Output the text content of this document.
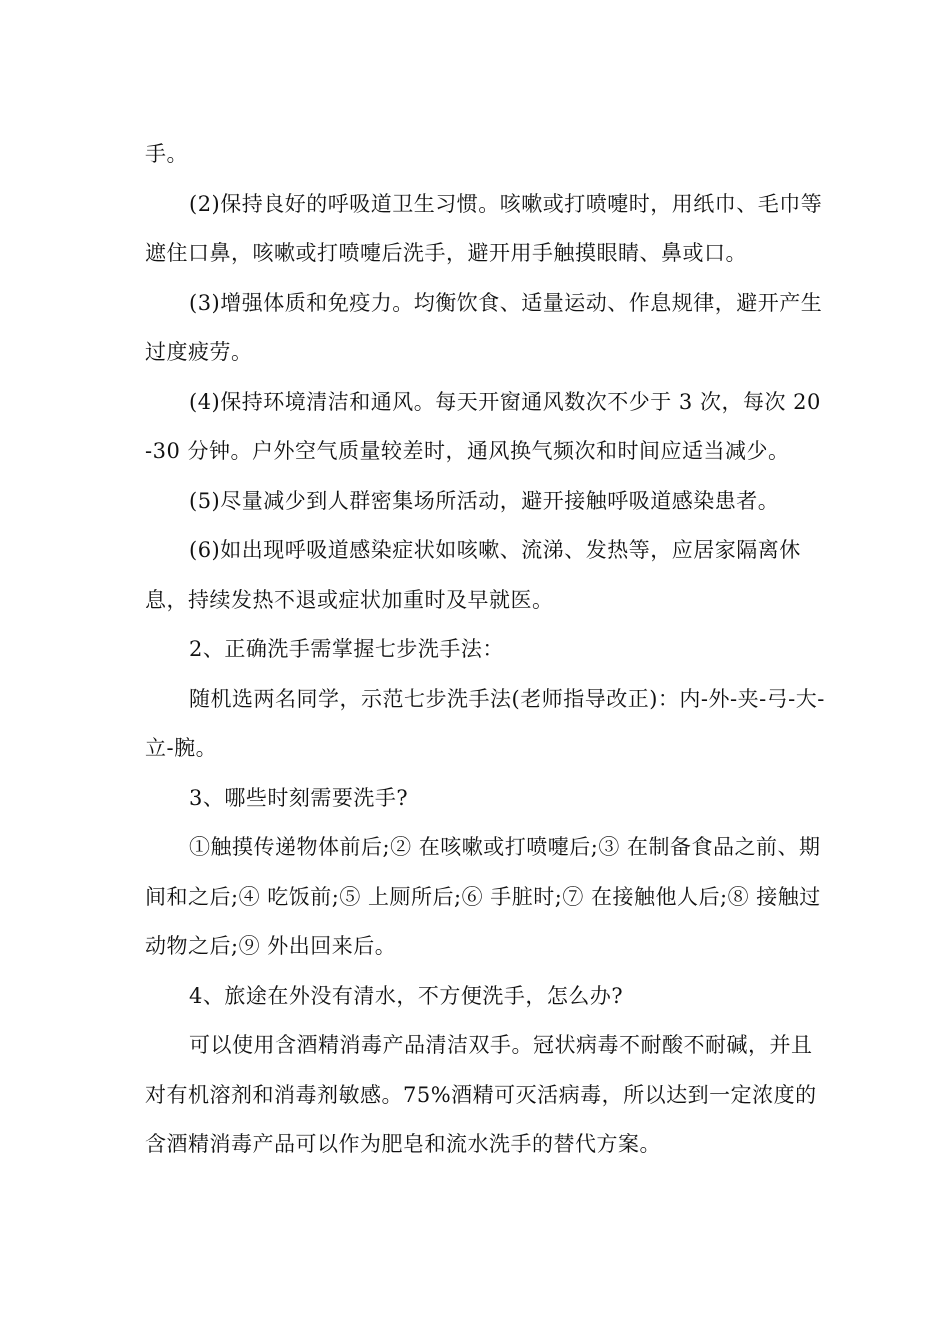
手。

(2)保持良好的呼吸道卫生习惯。咳嗽或打喷嚏时，用纸巾、毛巾等遮住口鼻，咳嗽或打喷嚏后洗手，避开用手触摸眼睛、鼻或口。

(3)增强体质和免疫力。均衡饮食、适量运动、作息规律，避开产生过度疲劳。

(4)保持环境清洁和通风。每天开窗通风数次不少于 3 次，每次 20-30 分钟。户外空气质量较差时，通风换气频次和时间应适当减少。

(5)尽量减少到人群密集场所活动，避开接触呼吸道感染患者。

(6)如出现呼吸道感染症状如咳嗽、流涕、发热等，应居家隔离休息，持续发热不退或症状加重时及早就医。

2、正确洗手需掌握七步洗手法：

随机选两名同学，示范七步洗手法(老师指导改正)：内-外-夹-弓-大-立-腕。

3、哪些时刻需要洗手?

①触摸传递物体前后;② 在咳嗽或打喷嚏后;③ 在制备食品之前、期间和之后;④ 吃饭前;⑤ 上厕所后;⑥ 手脏时;⑦ 在接触他人后;⑧ 接触过动物之后;⑨ 外出回来后。

4、旅途在外没有清水，不方便洗手，怎么办?

可以使用含酒精消毒产品清洁双手。冠状病毒不耐酸不耐碱，并且对有机溶剂和消毒剂敏感。75%酒精可灭活病毒，所以达到一定浓度的含酒精消毒产品可以作为肥皂和流水洗手的替代方案。
